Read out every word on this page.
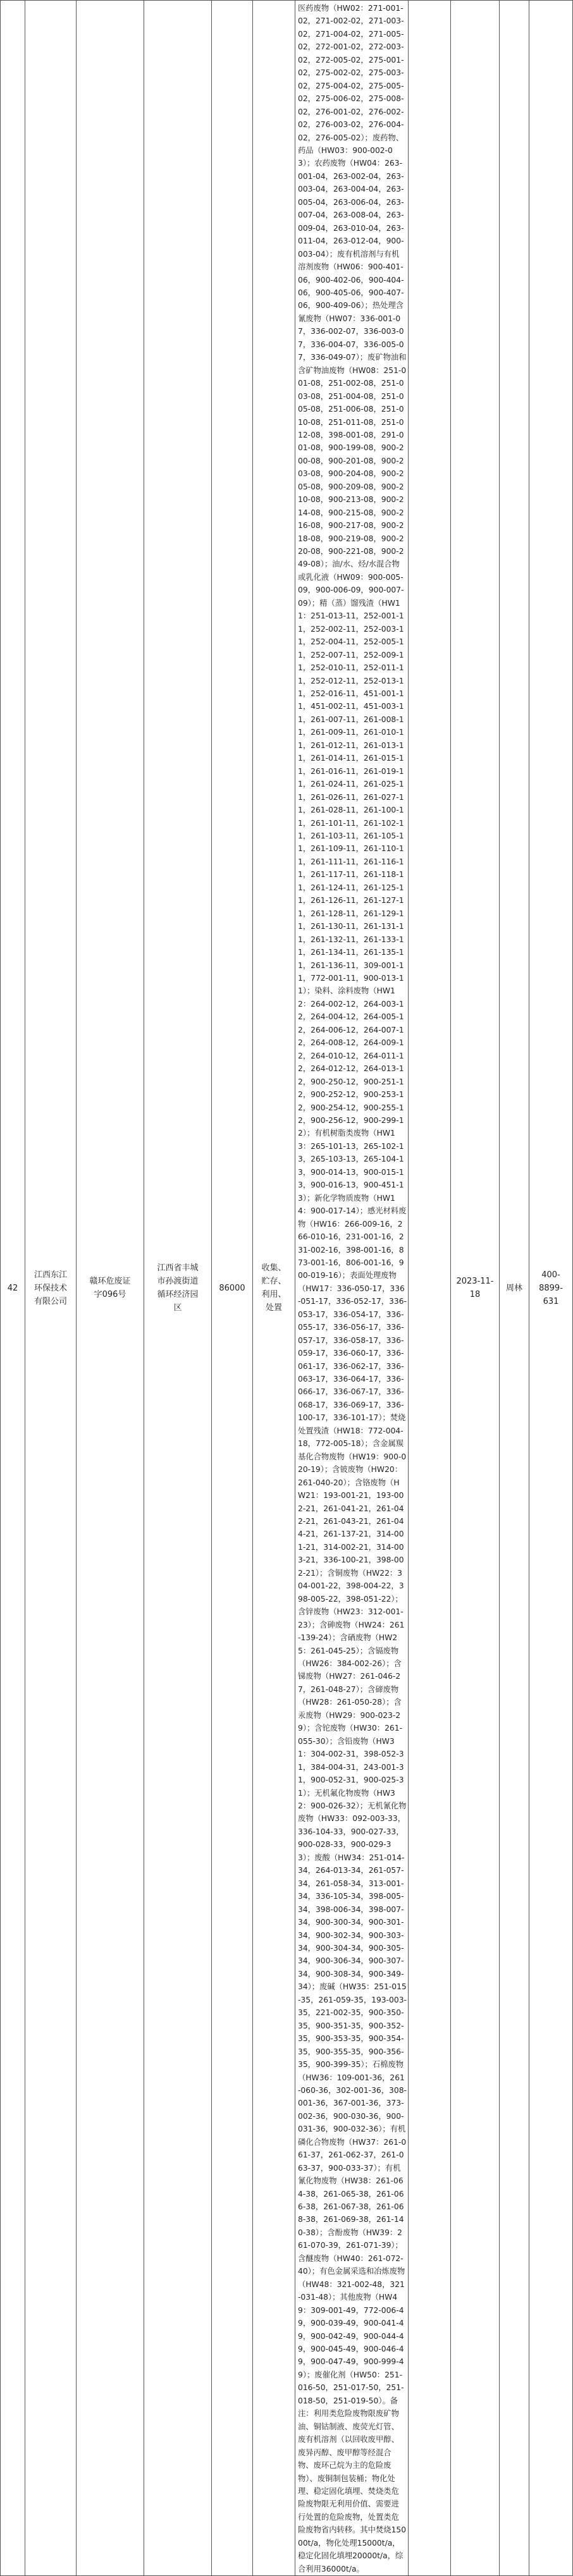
42	江西东江
环保技术
有限公司	赣环危废证
字096号	江西省丰城
市孙渡街道
循环经济园
区	86000	收集、
贮存、
利用、
处置	医药废物（HW02：271-001-02，271-002-02，271-003-02，271-004-02，271-005-02，272-001-02，272-003-02，272-005-02，275-001-02，275-002-02，275-003-02，275-004-02，275-005-02，275-006-02，275-008-02，276-001-02，276-002-02，276-003-02，276-004-02，276-005-02）；废药物、药品（HW03：900-002-03）；农药废物（HW04：263-001-04，263-002-04，263-003-04，263-004-04，263-005-04，263-006-04，263-007-04，263-008-04，263-009-04，263-010-04，263-011-04，263-012-04，900-003-04）；废有机溶剂与有机溶剂废物（HW06：900-401-06，900-402-06，900-404-06，900-405-06，900-407-06，900-409-06）；热处理含氰废物（HW07：336-001-07，336-002-07，336-003-07，336-004-07，336-005-07，336-049-07）；废矿物油和含矿物油废物（HW08：251-001-08，251-002-08，251-003-08，251-004-08，251-005-08，251-006-08，251-010-08，251-011-08，251-012-08，398-001-08，291-001-08，900-199-08，900-200-08，900-201-08，900-203-08，900-204-08，900-205-08，900-209-08，900-210-08，900-213-08，900-214-08，900-215-08，900-216-08，900-217-08，900-218-08，900-219-08，900-220-08，900-221-08，900-249-08）；油/水、烃/水混合物或乳化液（HW09：900-005-09，900-006-09，900-007-09）；精（蒸）馏残渣（HW11：251-013-11，252-001-11，252-002-11，252-003-11，252-004-11，252-005-11，252-007-11，252-009-11，252-010-11，252-011-11，252-012-11，252-013-11，252-016-11，451-001-11，451-002-11，451-003-11，261-007-11，261-008-11，261-009-11，261-010-11，261-012-11，261-013-11，261-014-11，261-015-11，261-016-11，261-019-11，261-024-11，261-025-11，261-026-11，261-027-11，261-028-11，261-100-11，261-101-11，261-102-11，261-103-11，261-105-11，261-109-11，261-110-11，261-111-11，261-116-11，261-117-11，261-118-11，261-124-11，261-125-11，261-126-11，261-127-11，261-128-11，261-129-11，261-130-11，261-131-11，261-132-11，261-133-11，261-134-11，261-135-11，261-136-11，309-001-11，772-001-11，900-013-11）；染料、涂料废物（HW12：264-002-12，264-003-12，264-004-12，264-005-12，264-006-12，264-007-12，264-008-12，264-009-12，264-010-12，264-011-12，264-012-12，264-013-12，900-250-12，900-251-12，900-252-12，900-253-12，900-254-12，900-255-12，900-256-12，900-299-12）；有机树脂类废物（HW13：265-101-13，265-102-13，265-103-13，265-104-13，900-014-13，900-015-13，900-016-13，900-451-13）；新化学物质废物（HW14：900-017-14）；感光材料废物（HW16：266-009-16，266-010-16，231-001-16，231-002-16，398-001-16，873-001-16，806-001-16，900-019-16）；表面处理废物（HW17：336-050-17，336-051-17，336-052-17，336-053-17，336-054-17，336-055-17，336-056-17，336-057-17，336-058-17，336-059-17，336-060-17，336-061-17，336-062-17，336-063-17，336-064-17，336-066-17，336-067-17，336-068-17，336-069-17，336-100-17，336-101-17）；焚烧处置残渣（HW18：772-004-18，772-005-18）；含金属羰基化合物废物（HW19：900-020-19）；含铍废物（HW20：261-040-20）；含铬废物（HW21：193-001-21，193-002-21，261-041-21，261-042-21，261-043-21，261-044-21，261-137-21，314-001-21，314-002-21，314-003-21，336-100-21，398-002-21）；含铜废物（HW22：304-001-22，398-004-22，398-005-22，398-051-22）；含锌废物（HW23：312-001-23）；含砷废物（HW24：261-139-24）；含硒废物（HW25：261-045-25）；含镉废物（HW26：384-002-26）；含锑废物（HW27：261-046-27，261-048-27）；含碲废物（HW28：261-050-28）；含汞废物（HW29：900-023-29）；含铊废物（HW30：261-055-30）；含铅废物（HW31：304-002-31，398-052-31，384-004-31，243-001-31，900-052-31，900-025-31）；无机氟化物废物（HW32：900-026-32）；无机氰化物废物（HW33：092-003-33，336-104-33，900-027-33，900-028-33，900-029-33）；废酸（HW34：251-014-34，264-013-34，261-057-34，261-058-34，313-001-34，336-105-34，398-005-34，398-006-34，398-007-34，900-300-34，900-301-34，900-302-34，900-303-34，900-304-34，900-305-34，900-306-34，900-307-34，900-308-34，900-349-34）；废碱（HW35：251-015-35，261-059-35，193-003-35，221-002-35，900-350-35，900-351-35，900-352-35，900-353-35，900-354-35，900-355-35，900-356-35，900-399-35）；石棉废物（HW36：109-001-36，261-060-36，302-001-36，308-001-36，367-001-36，373-002-36，900-030-36，900-031-36，900-032-36）；有机磷化合物废物（HW37：261-061-37，261-062-37，261-063-37，900-033-37）；有机氰化物废物（HW38：261-064-38，261-065-38，261-066-38，261-067-38，261-068-38，261-069-38，261-140-38）；含酚废物（HW39：261-070-39，261-071-39）；含醚废物（HW40：261-072-40）；有色金属采选和冶炼废物（HW48：321-002-48，321-031-48）；其他废物（HW49：309-001-49，772-006-49，900-039-49，900-041-49，900-042-49，900-044-49，900-045-49，900-046-49，900-047-49，900-999-49）；废催化剂（HW50：251-016-50，251-017-50，251-018-50，251-019-50）。备注：利用类危险废物限废矿物油、铜钴制液、废荧光灯管、废有机溶剂（以回收废甲醇、废异丙醇、废甲醇等经混合物、废环己烷为主的危险废物）、废铜制包装桶；物化处理、稳定固化填埋、焚烧类危险废物限无利用价值、需要进行处置的危险废物，处置类危险废物省内转移。其中焚烧15000t/a，物化处理15000t/a，稳定化固化填埋20000t/a，综合利用36000t/a。		2023-11-
18	周林	400-8899-
631
